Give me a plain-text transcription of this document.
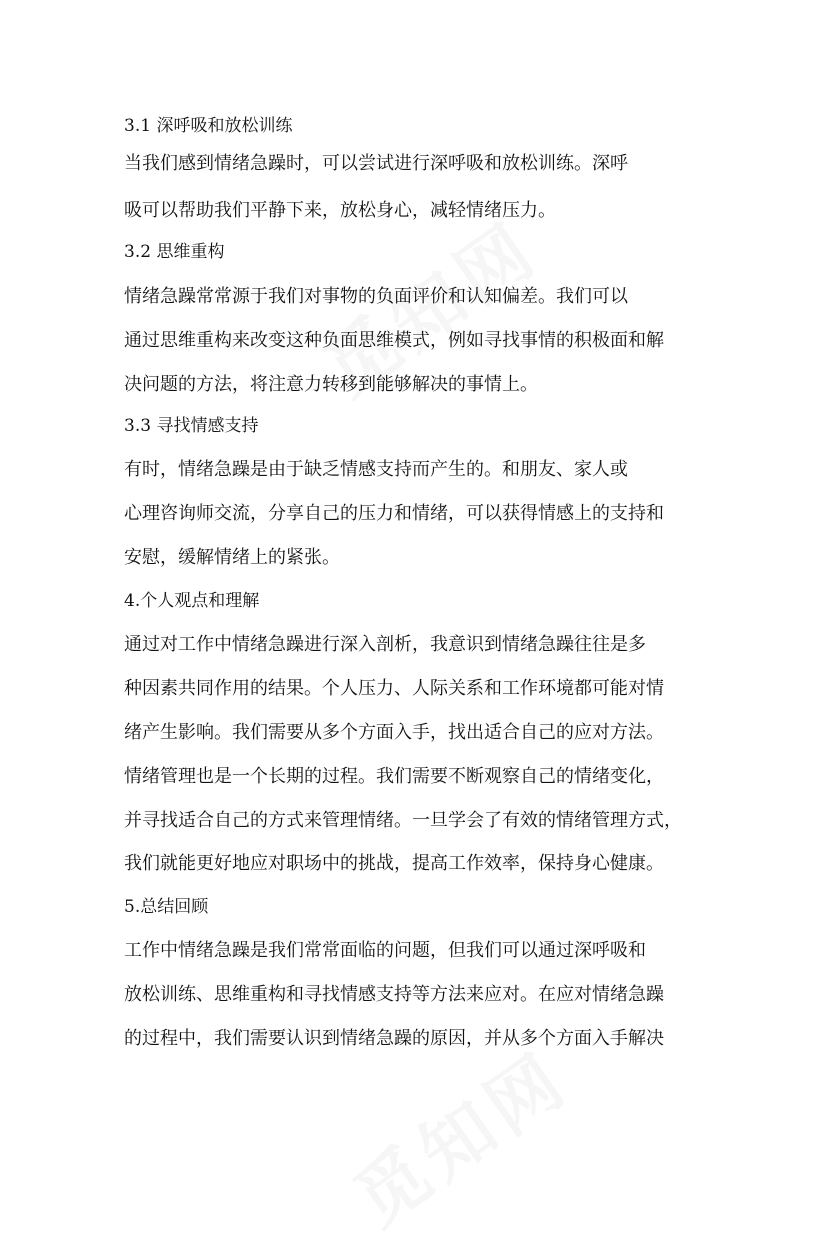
3.1 深呼吸和放松训练
当我们感到情绪急躁时，可以尝试进行深呼吸和放松训练。深呼
吸可以帮助我们平静下来，放松身心，减轻情绪压力。
3.2 思维重构
情绪急躁常常源于我们对事物的负面评价和认知偏差。我们可以
通过思维重构来改变这种负面思维模式，例如寻找事情的积极面和解
决问题的方法，将注意力转移到能够解决的事情上。
3.3 寻找情感支持
有时，情绪急躁是由于缺乏情感支持而产生的。和朋友、家人或
心理咨询师交流，分享自己的压力和情绪，可以获得情感上的支持和
安慰，缓解情绪上的紧张。
4.个人观点和理解
通过对工作中情绪急躁进行深入剖析，我意识到情绪急躁往往是多
种因素共同作用的结果。个人压力、人际关系和工作环境都可能对情
绪产生影响。我们需要从多个方面入手，找出适合自己的应对方法。
情绪管理也是一个长期的过程。我们需要不断观察自己的情绪变化，
并寻找适合自己的方式来管理情绪。一旦学会了有效的情绪管理方式，
我们就能更好地应对职场中的挑战，提高工作效率，保持身心健康。
5.总结回顾
工作中情绪急躁是我们常常面临的问题，但我们可以通过深呼吸和
放松训练、思维重构和寻找情感支持等方法来应对。在应对情绪急躁
的过程中，我们需要认识到情绪急躁的原因，并从多个方面入手解决
